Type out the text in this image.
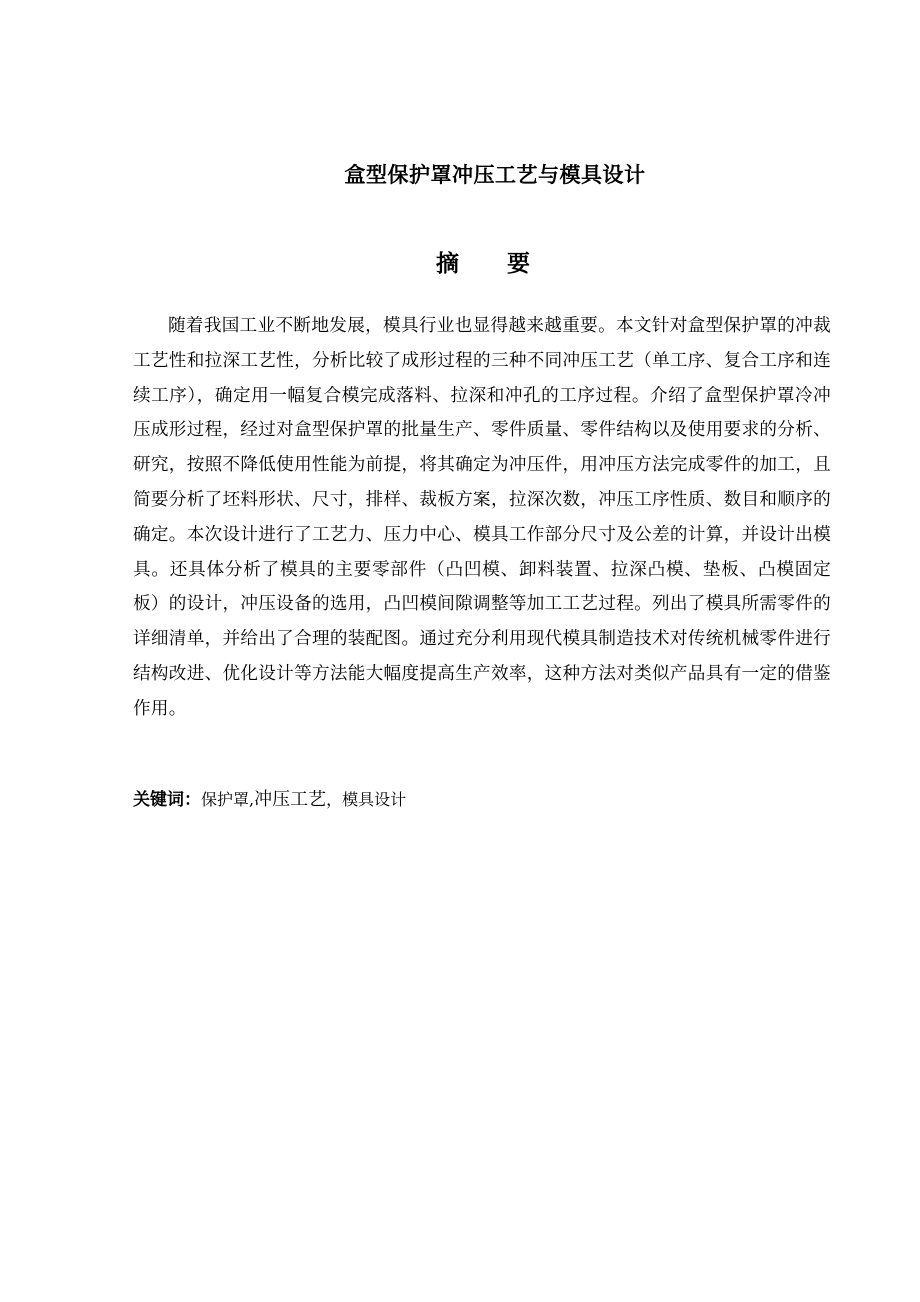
盒型保护罩冲压工艺与模具设计
摘 要

随着我国工业不断地发展，模具行业也显得越来越重要。本文针对盒型保护罩的冲裁工艺性和拉深工艺性，分析比较了成形过程的三种不同冲压工艺（单工序、复合工序和连续工序），确定用一幅复合模完成落料、拉深和冲孔的工序过程。介绍了盒型保护罩冷冲压成形过程，经过对盒型保护罩的批量生产、零件质量、零件结构以及使用要求的分析、研究，按照不降低使用性能为前提，将其确定为冲压件，用冲压方法完成零件的加工，且简要分析了坯料形状、尺寸，排样、裁板方案，拉深次数，冲压工序性质、数目和顺序的确定。本次设计进行了工艺力、压力中心、模具工作部分尺寸及公差的计算，并设计出模具。还具体分析了模具的主要零部件（凸凹模、卸料装置、拉深凸模、垫板、凸模固定板）的设计，冲压设备的选用，凸凹模间隙调整等加工工艺过程。列出了模具所需零件的详细清单，并给出了合理的装配图。通过充分利用现代模具制造技术对传统机械零件进行结构改进、优化设计等方法能大幅度提高生产效率，这种方法对类似产品具有一定的借鉴作用。

关键词：保护罩,冲压工艺，模具设计
